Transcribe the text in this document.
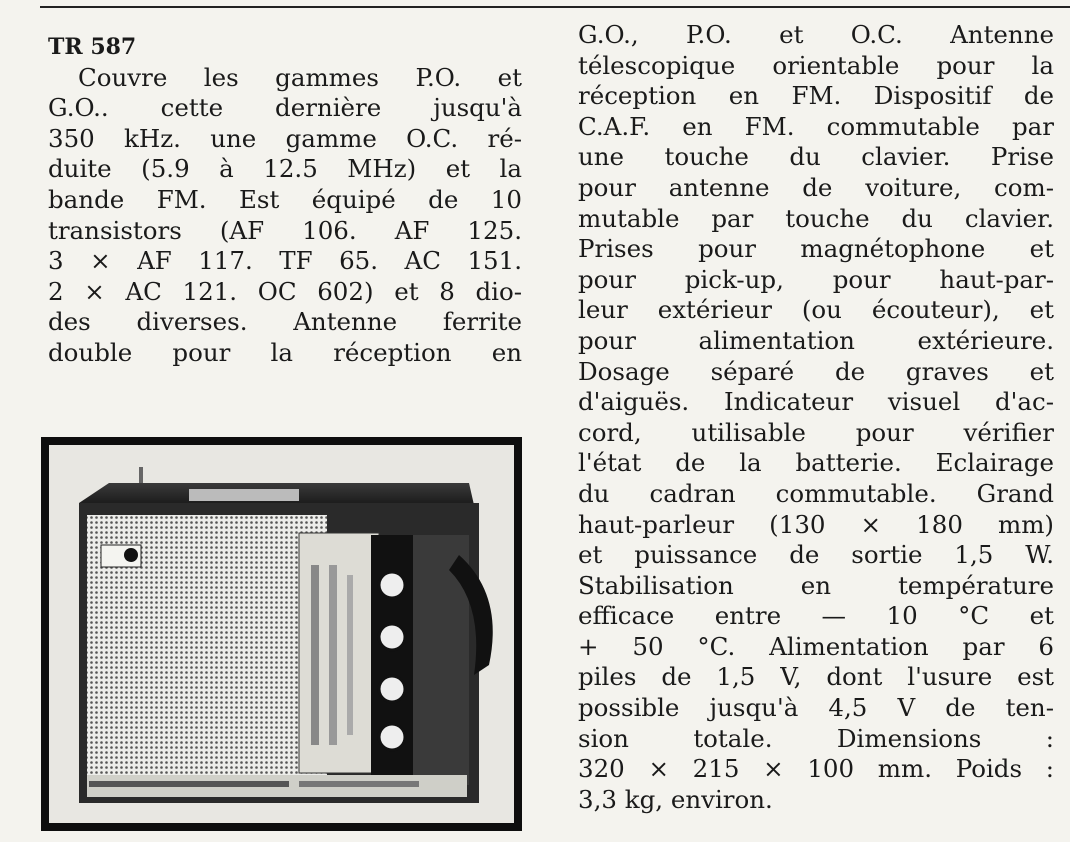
TR 587
Couvre les gammes P.O. et
G.O.. cette dernière jusqu'à
350 kHz. une gamme O.C. ré-
duite (5.9 à 12.5 MHz) et la
bande FM. Est équipé de 10
transistors (AF 106. AF 125.
3 × AF 117. TF 65. AC 151.
2 × AC 121. OC 602) et 8 dio-
des diverses. Antenne ferrite
double pour la réception en
G.O., P.O. et O.C. Antenne
télescopique orientable pour la
réception en FM. Dispositif de
C.A.F. en FM. commutable par
une touche du clavier. Prise
pour antenne de voiture, com-
mutable par touche du clavier.
Prises pour magnétophone et
pour pick-up, pour haut-par-
leur extérieur (ou écouteur), et
pour alimentation extérieure.
Dosage séparé de graves et
d'aiguës. Indicateur visuel d'ac-
cord, utilisable pour vérifier
l'état de la batterie. Eclairage
du cadran commutable. Grand
haut-parleur (130 × 180 mm)
et puissance de sortie 1,5 W.
Stabilisation en température
efficace entre — 10 °C et
+ 50 °C. Alimentation par 6
piles de 1,5 V, dont l'usure est
possible jusqu'à 4,5 V de ten-
sion totale. Dimensions :
320 × 215 × 100 mm. Poids :
3,3 kg, environ.
